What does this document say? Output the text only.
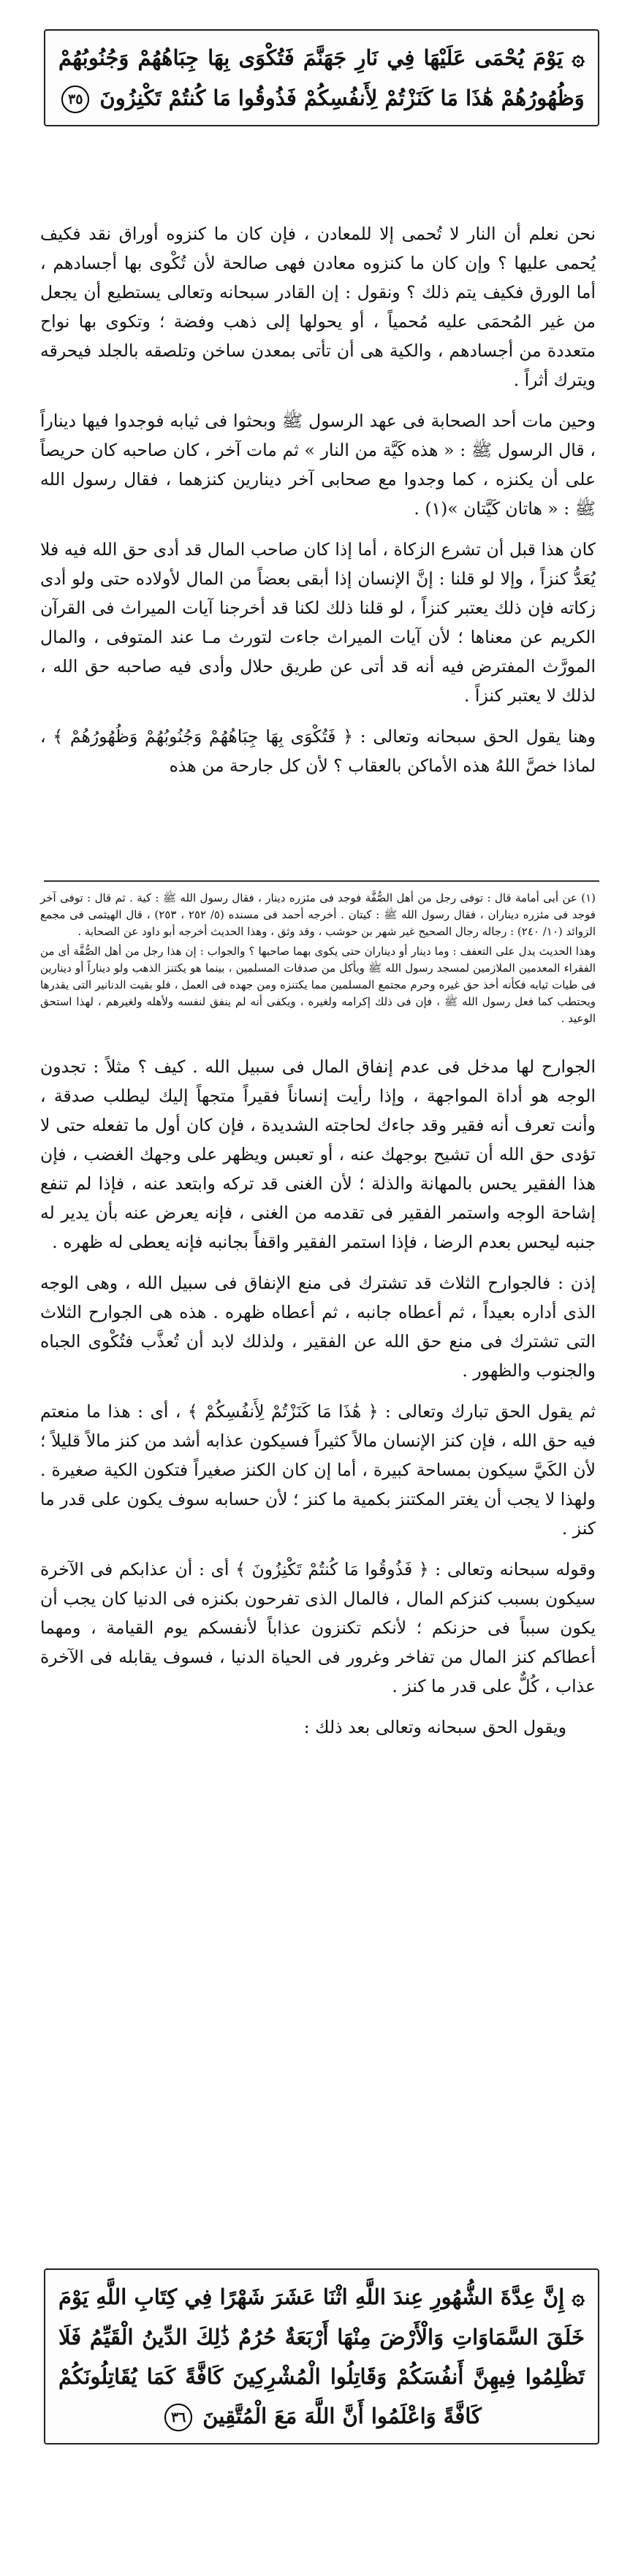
۞ يَوْمَ يُحْمَى عَلَيْهَا فِي نَارِ جَهَنَّمَ فَتُكْوَى بِهَا جِبَاهُهُمْ وَجُنُوبُهُمْ وَظُهُورُهُمْ هَٰذَا مَا كَنَزْتُمْ لِأَنفُسِكُمْ فَذُوقُوا مَا كُنتُمْ تَكْنِزُونَ ٣٥

نحن نعلم أن النار لا تُحمى إلا للمعادن ، فإن كان ما كنزوه أوراق نقد فكيف يُحمى عليها ؟ وإن كان ما كنزوه معادن فهى صالحة لأن تُكْوى بها أجسادهم ، أما الورق فكيف يتم ذلك ؟ ونقول : إن القادر سبحانه وتعالى يستطيع أن يجعل من غير المُحمَى عليه مُحمياً ، أو يحولها إلى ذهب وفضة ؛ وتكوى بها نواح متعددة من أجسادهم ، والكية هى أن تأتى بمعدن ساخن وتلصقه بالجلد فيحرقه ويترك أثراً .

وحين مات أحد الصحابة فى عهد الرسول ﷺ وبحثوا فى ثيابه فوجدوا فيها ديناراً ، قال الرسول ﷺ : « هذه كَيَّة من النار » ثم مات آخر ، كان صاحبه كان حريصاً على أن يكنزه ، كما وجدوا مع صحابى آخر دينارين كنزهما ، فقال رسول الله ﷺ : « هاتان كَيَّتان »(١) .

كان هذا قبل أن تشرع الزكاة ، أما إذا كان صاحب المال قد أدى حق الله فيه فلا يُعَدُّ كنزاً ، وإلا لو قلنا : إنَّ الإنسان إذا أبقى بعضاً من المال لأولاده حتى ولو أدى زكاته فإن ذلك يعتبر كنزاً ، لو قلنا ذلك لكنا قد أخرجنا آيات الميراث فى القرآن الكريم عن معناها ؛ لأن آيات الميراث جاءت لتورث مـا عند المتوفى ، والمال المورَّث المفترض فيه أنه قد أتى عن طريق حلال وأدى فيه صاحبه حق الله ، لذلك لا يعتبر كنزاً .

وهنا يقول الحق سبحانه وتعالى : ﴿ فَتُكْوَى بِهَا جِبَاهُهُمْ وَجُنُوبُهُمْ وَظُهُورُهُمْ ﴾ ، لماذا خصَّ اللهُ هذه الأماكن بالعقاب ؟ لأن كل جارحة من هذه

(١) عن أبى أمامة قال : توفى رجل من أهل الصُّفَّة فوجد فى مئزره دينار ، فقال رسول الله ﷺ : كية . ثم قال : توفى آخر فوجد فى مئزره ديناران ، فقال رسول الله ﷺ : كيتان . أخرجه أحمد فى مسنده (٥/ ٢٥٢ ، ٢٥٣) ، قال الهيثمى فى مجمع الزوائد (١٠/ ٢٤٠) : رجاله رجال الصحيح غير شهر بن حوشب ، وقد وثق ، وهذا الحديث أخرجه أبو داود عن الصحابة .

وهذا الحديث يدل على التعفف : وما دينار أو ديناران حتى يكوى بهما صاحبها ؟ والجواب : إن هذا رجل من أهل الصُّفَّة أى من الفقراء المعدمين الملازمين لمسجد رسول الله ﷺ ويأكل من صدقات المسلمين ، بينما هو يكتنز الذهب ولو ديناراً أو دينارين فى طيات ثيابه فكأنه أخذ حق غيره وحرم مجتمع المسلمين مما يكتنزه ومن جهده فى العمل ، فلو بقيت الدنانير التى يقدرها ويحتطب كما فعل رسول الله ﷺ ، فإن فى ذلك إكرامه ولغيره ، ويكفى أنه لم ينفق لنفسه ولأهله ولغيرهم ، لهذا استحق الوعيد .

الجوارح لها مدخل فى عدم إنفاق المال فى سبيل الله . كيف ؟ مثلاً : تجدون الوجه هو أداة المواجهة ، وإذا رأيت إنساناً فقيراً متجهاً إليك ليطلب صدقة ، وأنت تعرف أنه فقير وقد جاءك لحاجته الشديدة ، فإن كان أول ما تفعله حتى لا تؤدى حق الله أن تشيح بوجهك عنه ، أو تعبس ويظهر على وجهك الغضب ، فإن هذا الفقير يحس بالمهانة والذلة ؛ لأن الغنى قد تركه وابتعد عنه ، فإذا لم تنفع إشاحة الوجه واستمر الفقير فى تقدمه من الغنى ، فإنه يعرض عنه بأن يدير له جنبه ليحس بعدم الرضا ، فإذا استمر الفقير واقفاً بجانبه فإنه يعطى له ظهره .

إذن : فالجوارح الثلاث قد تشترك فى منع الإنفاق فى سبيل الله ، وهى الوجه الذى أداره بعيداً ، ثم أعطاه جانبه ، ثم أعطاه ظهره . هذه هى الجوارح الثلاث التى تشترك فى منع حق الله عن الفقير ، ولذلك لابد أن تُعذَّب فتُكْوى الجباه والجنوب والظهور .

ثم يقول الحق تبارك وتعالى : ﴿ هَٰذَا مَا كَنَزْتُمْ لِأَنفُسِكُمْ ﴾ ، أى : هذا ما منعتم فيه حق الله ، فإن كنز الإنسان مالاً كثيراً فسيكون عذابه أشد من كنز مالاً قليلاً ؛ لأن الكَيَّ سيكون بمساحة كبيرة ، أما إن كان الكنز صغيراً فتكون الكية صغيرة . ولهذا لا يجب أن يغتر المكتنز بكمية ما كنز ؛ لأن حسابه سوف يكون على قدر ما كنز .

وقوله سبحانه وتعالى : ﴿ فَذُوقُوا مَا كُنتُمْ تَكْنِزُونَ ﴾ أى : أن عذابكم فى الآخرة سيكون بسبب كنزكم المال ، فالمال الذى تفرحون بكنزه فى الدنيا كان يجب أن يكون سبباً فى حزنكم ؛ لأنكم تكنزون عذاباً لأنفسكم يوم القيامة ، ومهما أعطاكم كنز المال من تفاخر وغرور فى الحياة الدنيا ، فسوف يقابله فى الآخرة عذاب ، كُلٌّ على قدر ما كنز .

ويقول الحق سبحانه وتعالى بعد ذلك :

۞ إِنَّ عِدَّةَ الشُّهُورِ عِندَ اللَّهِ اثْنَا عَشَرَ شَهْرًا فِي كِتَابِ اللَّهِ يَوْمَ خَلَقَ السَّمَاوَاتِ وَالْأَرْضَ مِنْهَا أَرْبَعَةٌ حُرُمٌ ذَٰلِكَ الدِّينُ الْقَيِّمُ فَلَا تَظْلِمُوا فِيهِنَّ أَنفُسَكُمْ وَقَاتِلُوا الْمُشْرِكِينَ كَافَّةً كَمَا يُقَاتِلُونَكُمْ كَافَّةً وَاعْلَمُوا أَنَّ اللَّهَ مَعَ الْمُتَّقِينَ ٣٦
